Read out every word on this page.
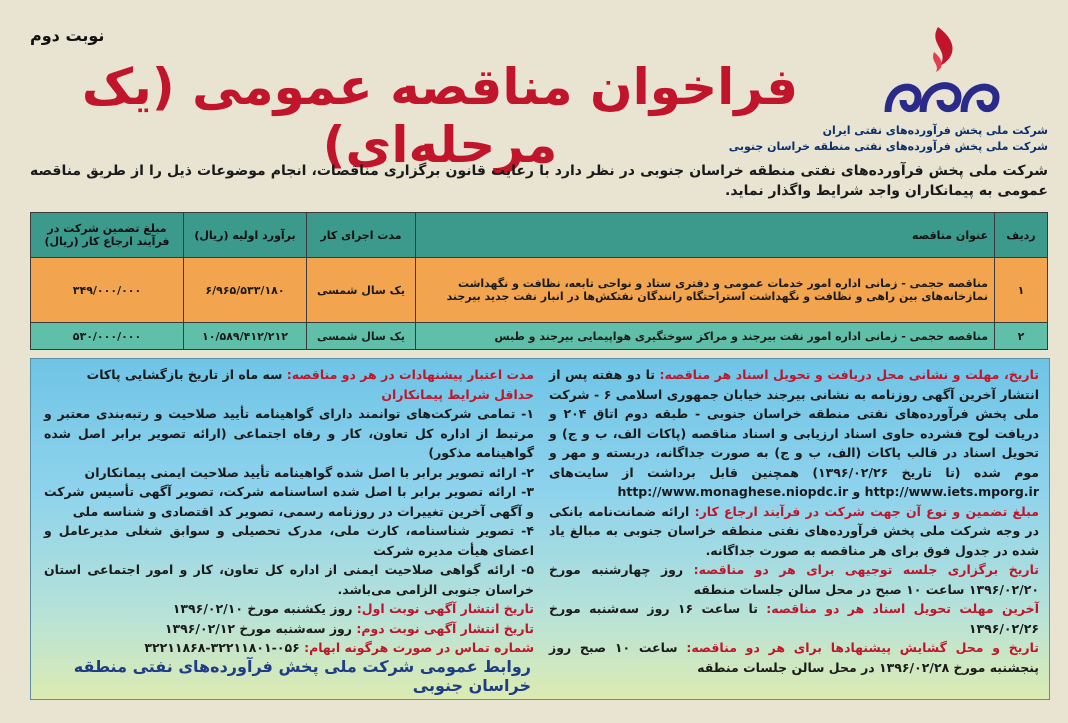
نوبت دوم
فراخوان مناقصه عمومی (یک مرحله‌ای)	شرکت ملی پخش فرآورده‌های نفتی ایران
شرکت ملی پخش فرآورده‌های نفتی منطقه خراسان جنوبی
شرکت ملی پخش فرآورده‌های نفتی منطقه خراسان جنوبی در نظر دارد با رعایت قانون برگزاری مناقصات، انجام موضوعات ذیل را از طریق مناقصه عمومی به پیمانکاران واجد شرایط واگذار نماید.
ردیف	عنوان مناقصه	مدت اجرای کار	برآورد اولیه (ریال)	مبلغ تضمین شرکت در فرآیند ارجاع کار (ریال)
۱	مناقصه حجمی - زمانی اداره امور خدمات عمومی و دفتری ستاد و نواحی تابعه، نظافت و نگهداشت نمازخانه‌های بین راهی و نظافت و نگهداشت استراحتگاه رانندگان نفتکش‌ها در انبار نفت جدید بیرجند	یک سال شمسی	۶/۹۶۵/۵۳۳/۱۸۰	۳۴۹/۰۰۰/۰۰۰
۲	مناقصه حجمی - زمانی اداره امور نفت بیرجند و مراکز سوختگیری هواپیمایی بیرجند و طبس	یک سال شمسی	۱۰/۵۸۹/۴۱۲/۲۱۲	۵۳۰/۰۰۰/۰۰۰

تاریخ، مهلت و نشانی محل دریافت و تحویل اسناد هر مناقصه: تا دو هفته پس از انتشار آخرین آگهی روزنامه به نشانی بیرجند خیابان جمهوری اسلامی ۶ - شرکت ملی پخش فرآورده‌های نفتی منطقه خراسان جنوبی - طبقه دوم اتاق ۲۰۴ و دریافت لوح فشرده حاوی اسناد ارزیابی و اسناد مناقصه (پاکات الف، ب و ج) و تحویل اسناد در قالب پاکات (الف، ب و ج) به صورت جداگانه، دربسته و مهر و موم شده (تا تاریخ ۱۳۹۶/۰۲/۲۶) همچنین قابل برداشت از سایت‌های http://www.iets.mporg.ir و http://www.monaghese.niopdc.ir

مبلغ تضمین و نوع آن جهت شرکت در فرآیند ارجاع کار: ارائه ضمانت‌نامه بانکی در وجه شرکت ملی پخش فرآورده‌های نفتی منطقه خراسان جنوبی به مبالغ یاد شده در جدول فوق برای هر مناقصه به صورت جداگانه.

تاریخ برگزاری جلسه توجیهی برای هر دو مناقصه: روز چهارشنبه مورخ ۱۳۹۶/۰۲/۲۰ ساعت ۱۰ صبح در محل سالن جلسات منطقه

آخرین مهلت تحویل اسناد هر دو مناقصه: تا ساعت ۱۶ روز سه‌شنبه مورخ ۱۳۹۶/۰۲/۲۶

تاریخ و محل گشایش پیشنهادها برای هر دو مناقصه: ساعت ۱۰ صبح روز پنجشنبه مورخ ۱۳۹۶/۰۲/۲۸ در محل سالن جلسات منطقه

مدت اعتبار پیشنهادات در هر دو مناقصه: سه ماه از تاریخ بازگشایی پاکات

حداقل شرایط پیمانکاران

۱- تمامی شرکت‌های توانمند دارای گواهینامه تأیید صلاحیت و رتبه‌بندی معتبر و مرتبط از اداره کل تعاون، کار و رفاه اجتماعی (ارائه تصویر برابر اصل شده گواهینامه مذکور)

۲- ارائه تصویر برابر با اصل شده گواهینامه تأیید صلاحیت ایمنی پیمانکاران

۳- ارائه تصویر برابر با اصل شده اساسنامه شرکت، تصویر آگهی تأسیس شرکت و آگهی آخرین تغییرات در روزنامه رسمی، تصویر کد اقتصادی و شناسه ملی

۴- تصویر شناسنامه، کارت ملی، مدرک تحصیلی و سوابق شغلی مدیرعامل و اعضای هیأت مدیره شرکت

۵- ارائه گواهی صلاحیت ایمنی از اداره کل تعاون، کار و امور اجتماعی استان خراسان جنوبی الزامی می‌باشد.

تاریخ انتشار آگهی نوبت اول: روز یکشنبه مورخ ۱۳۹۶/۰۲/۱۰

تاریخ انتشار آگهی نوبت دوم: روز سه‌شنبه مورخ ۱۳۹۶/۰۲/۱۲

شماره تماس در صورت هرگونه ابهام: ۰۵۶-۳۲۲۱۱۸۰۱-۳۲۲۱۱۸۶۸

روابط عمومی شرکت ملی پخش فرآورده‌های نفتی منطقه خراسان جنوبی
